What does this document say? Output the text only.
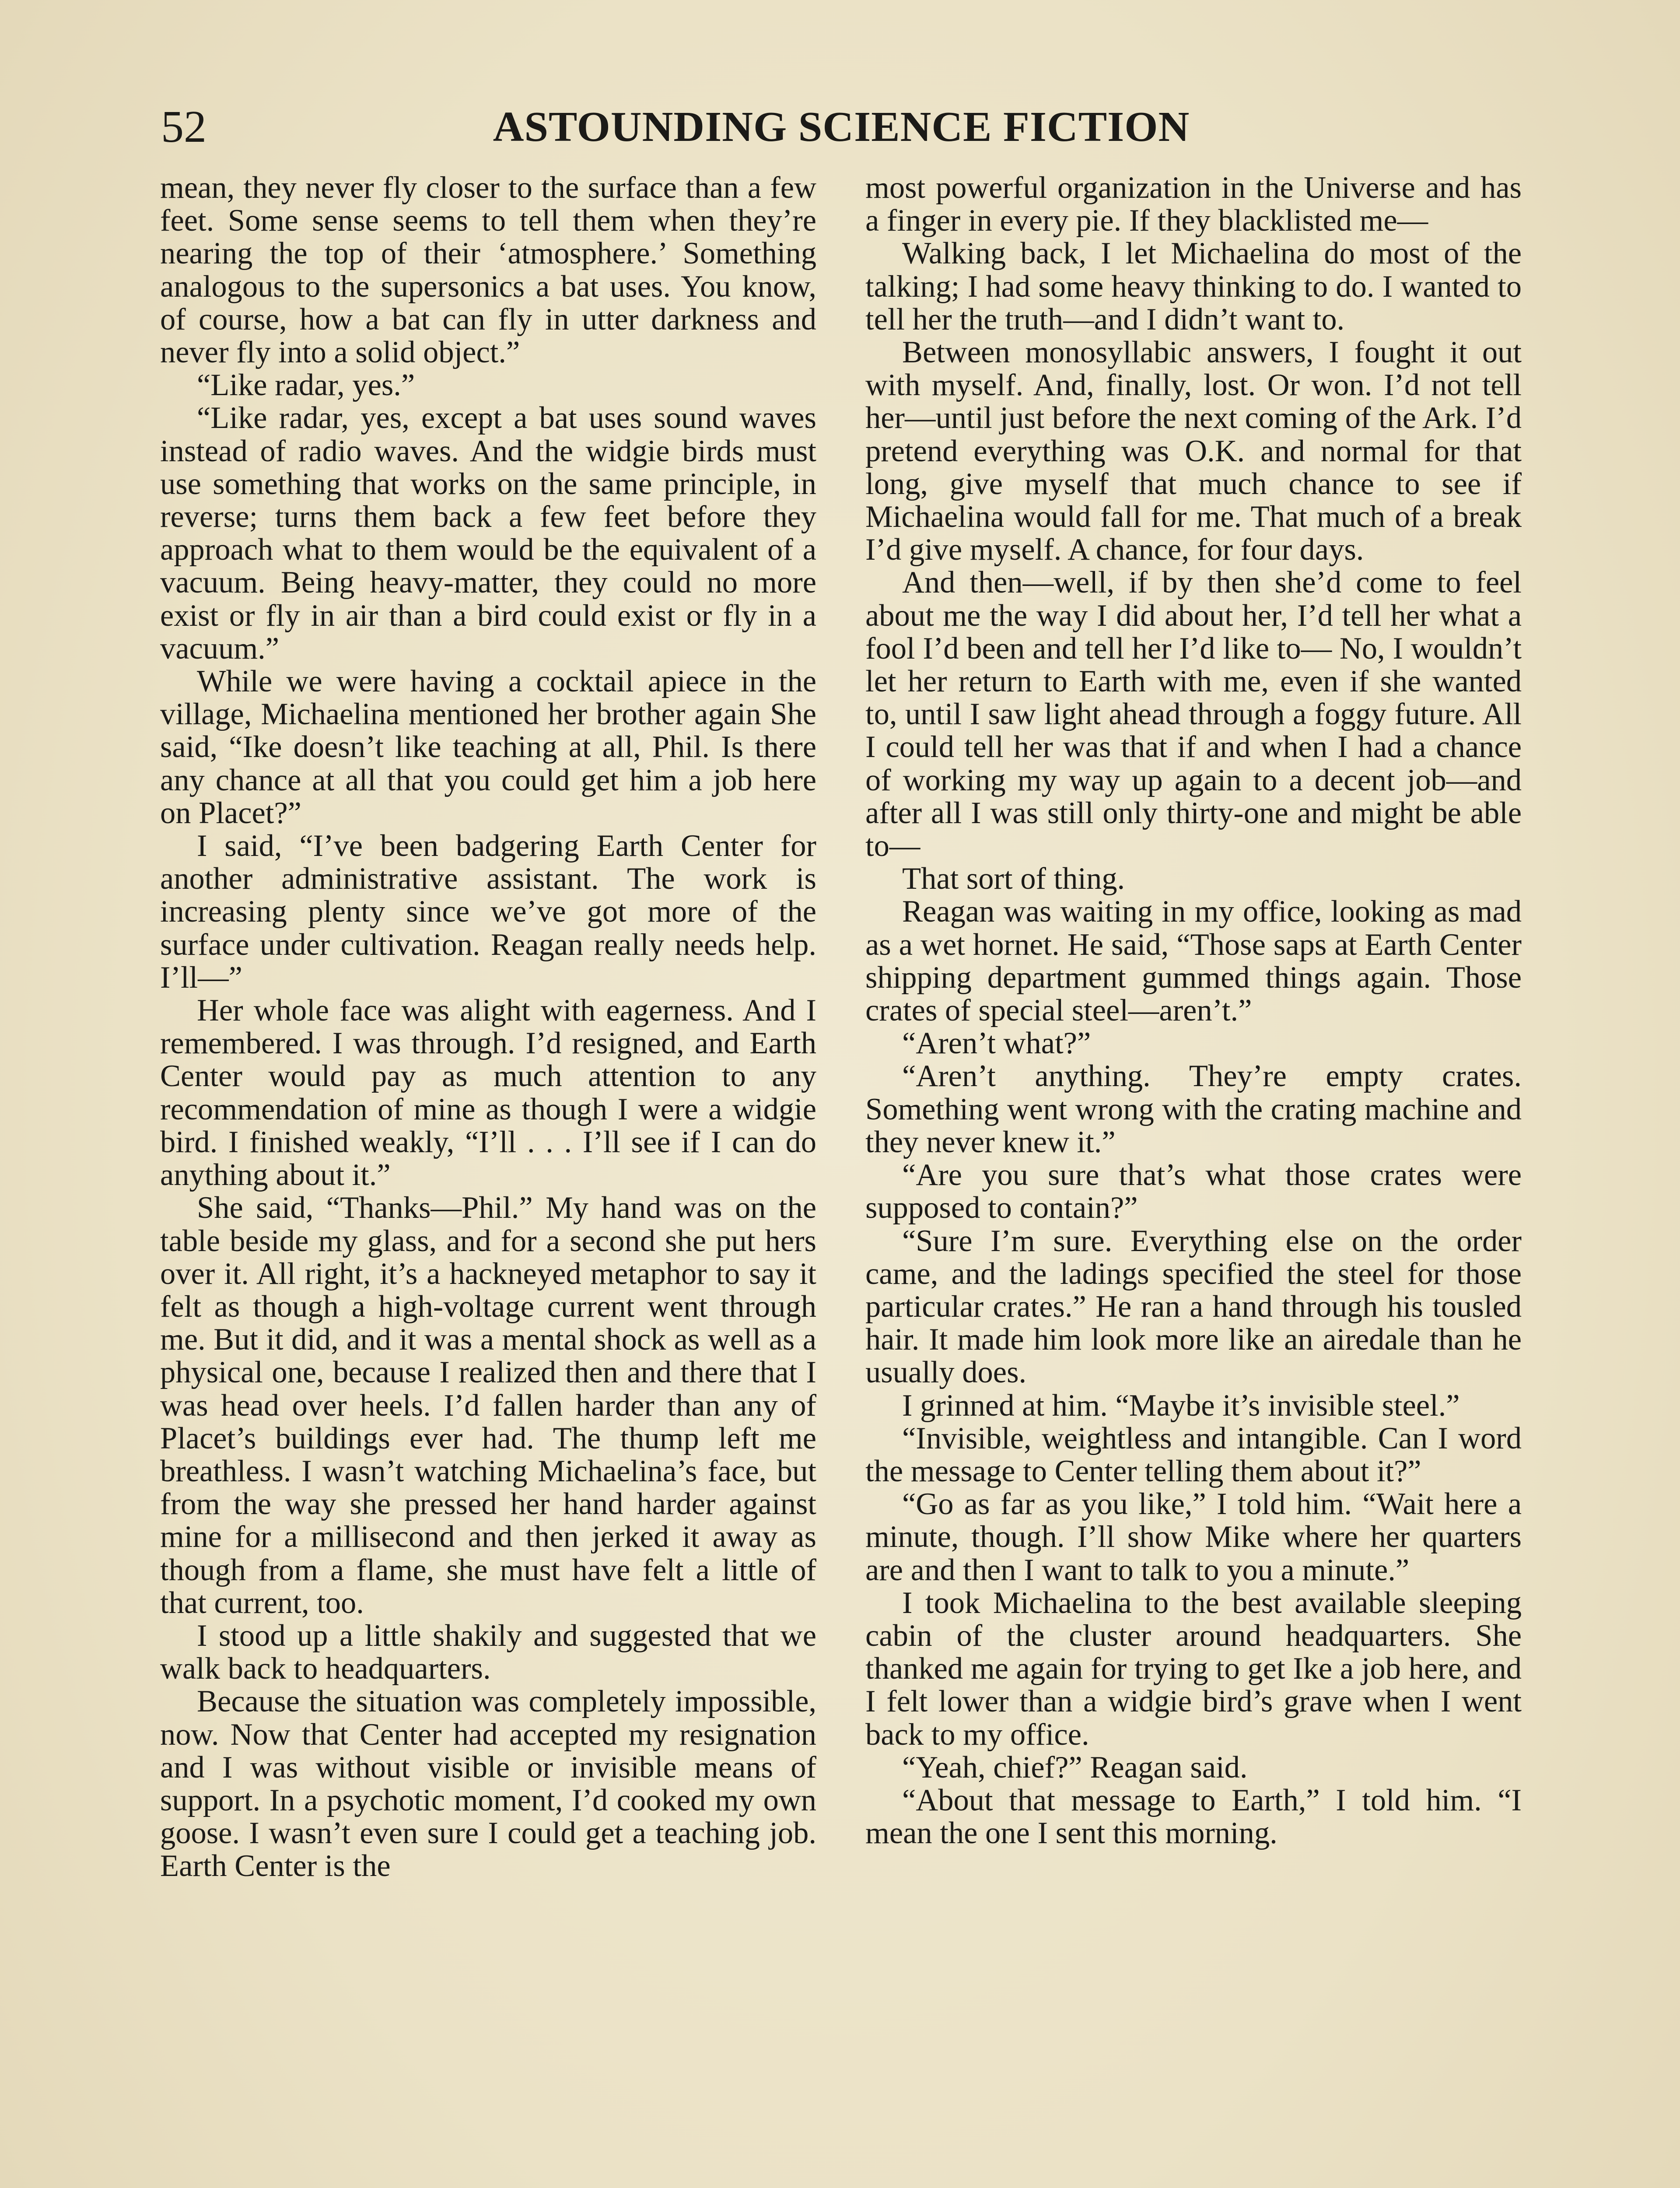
52	ASTOUNDING SCIENCE FICTION

mean, they never fly closer to the surface than a few feet. Some sense seems to tell them when they’re nearing the top of their ‘atmosphere.’ Something analogous to the supersonics a bat uses. You know, of course, how a bat can fly in utter darkness and never fly into a solid object.”

“Like radar, yes.”

“Like radar, yes, except a bat uses sound waves instead of radio waves. And the widgie birds must use something that works on the same principle, in reverse; turns them back a few feet before they approach what to them would be the equivalent of a vacuum. Being heavy-matter, they could no more exist or fly in air than a bird could exist or fly in a vacuum.”

While we were having a cocktail apiece in the village, Michaelina mentioned her brother again She said, “Ike doesn’t like teaching at all, Phil. Is there any chance at all that you could get him a job here on Placet?”

I said, “I’ve been badgering Earth Center for another administrative assistant. The work is increasing plenty since we’ve got more of the surface under cultivation. Reagan really needs help. I’ll—”

Her whole face was alight with eagerness. And I remembered. I was through. I’d resigned, and Earth Center would pay as much attention to any recommendation of mine as though I were a widgie bird. I finished weakly, “I’ll . . . I’ll see if I can do anything about it.”

She said, “Thanks—Phil.” My hand was on the table beside my glass, and for a second she put hers over it. All right, it’s a hackneyed metaphor to say it felt as though a high-voltage current went through me. But it did, and it was a mental shock as well as a physical one, because I realized then and there that I was head over heels. I’d fallen harder than any of Placet’s buildings ever had. The thump left me breathless. I wasn’t watching Michaelina’s face, but from the way she pressed her hand harder against mine for a millisecond and then jerked it away as though from a flame, she must have felt a little of that current, too.

I stood up a little shakily and suggested that we walk back to headquarters.

Because the situation was completely impossible, now. Now that Center had accepted my resignation and I was without visible or invisible means of support. In a psychotic moment, I’d cooked my own goose. I wasn’t even sure I could get a teaching job. Earth Center is the

most powerful organization in the Universe and has a finger in every pie. If they blacklisted me—

Walking back, I let Michaelina do most of the talking; I had some heavy thinking to do. I wanted to tell her the truth—and I didn’t want to.

Between monosyllabic answers, I fought it out with myself. And, finally, lost. Or won. I’d not tell her—until just before the next coming of the Ark. I’d pretend everything was O.K. and normal for that long, give myself that much chance to see if Michaelina would fall for me. That much of a break I’d give myself. A chance, for four days.

And then—well, if by then she’d come to feel about me the way I did about her, I’d tell her what a fool I’d been and tell her I’d like to— No, I wouldn’t let her return to Earth with me, even if she wanted to, until I saw light ahead through a foggy future. All I could tell her was that if and when I had a chance of working my way up again to a decent job—and after all I was still only thirty-one and might be able to—

That sort of thing.

Reagan was waiting in my office, looking as mad as a wet hornet. He said, “Those saps at Earth Center shipping department gummed things again. Those crates of special steel—aren’t.”

“Aren’t what?”

“Aren’t anything. They’re empty crates. Something went wrong with the crating machine and they never knew it.”

“Are you sure that’s what those crates were supposed to contain?”

“Sure I’m sure. Everything else on the order came, and the ladings specified the steel for those particular crates.” He ran a hand through his tousled hair. It made him look more like an airedale than he usually does.

I grinned at him. “Maybe it’s invisible steel.”

“Invisible, weightless and intangible. Can I word the message to Center telling them about it?”

“Go as far as you like,” I told him. “Wait here a minute, though. I’ll show Mike where her quarters are and then I want to talk to you a minute.”

I took Michaelina to the best available sleeping cabin of the cluster around headquarters. She thanked me again for trying to get Ike a job here, and I felt lower than a widgie bird’s grave when I went back to my office.

“Yeah, chief?” Reagan said.

“About that message to Earth,” I told him. “I mean the one I sent this morning.
